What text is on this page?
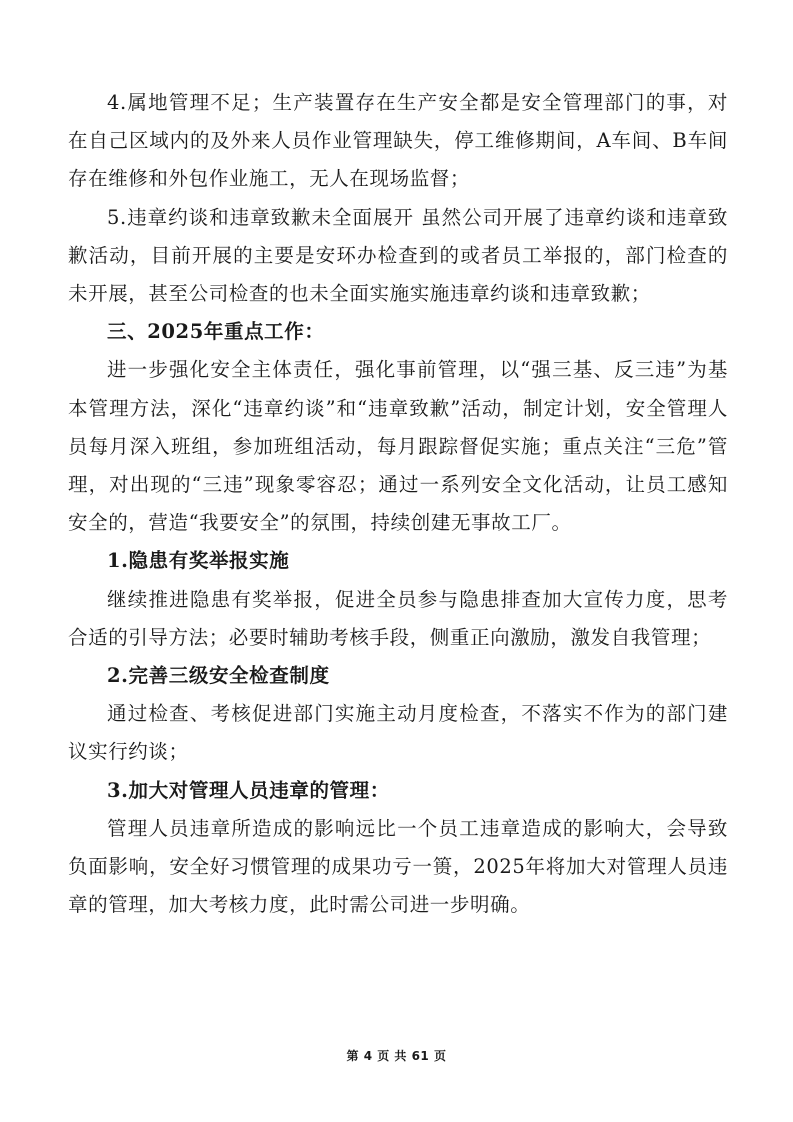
4.属地管理不足；生产装置存在生产安全都是安全管理部门的事，对在自己区域内的及外来人员作业管理缺失，停工维修期间，A车间、B车间存在维修和外包作业施工，无人在现场监督；

5.违章约谈和违章致歉未全面展开 虽然公司开展了违章约谈和违章致歉活动，目前开展的主要是安环办检查到的或者员工举报的，部门检查的未开展，甚至公司检查的也未全面实施实施违章约谈和违章致歉；

三、2025年重点工作：

进一步强化安全主体责任，强化事前管理，以“强三基、反三违”为基本管理方法，深化“违章约谈”和“违章致歉”活动，制定计划，安全管理人员每月深入班组，参加班组活动，每月跟踪督促实施；重点关注“三危”管理，对出现的“三违”现象零容忍；通过一系列安全文化活动，让员工感知安全的，营造“我要安全”的氛围，持续创建无事故工厂。

1.隐患有奖举报实施

继续推进隐患有奖举报，促进全员参与隐患排查加大宣传力度，思考合适的引导方法；必要时辅助考核手段，侧重正向激励，激发自我管理；

2.完善三级安全检查制度

通过检查、考核促进部门实施主动月度检查，不落实不作为的部门建议实行约谈；

3.加大对管理人员违章的管理：

管理人员违章所造成的影响远比一个员工违章造成的影响大，会导致负面影响，安全好习惯管理的成果功亏一篑，2025年将加大对管理人员违章的管理，加大考核力度，此时需公司进一步明确。

第 4 页 共 61 页
